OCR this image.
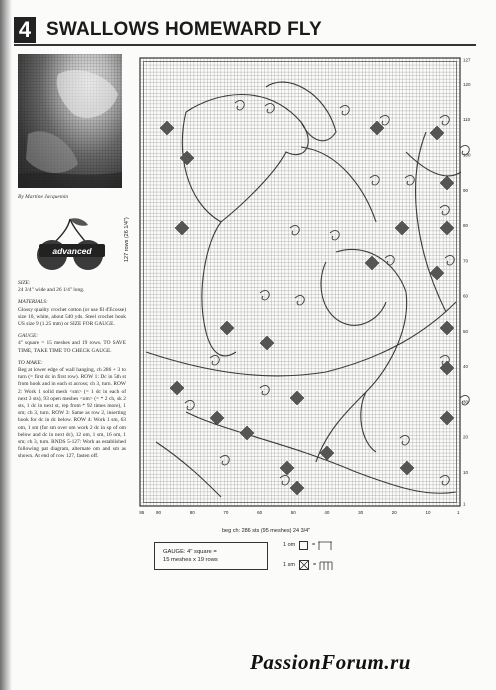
4 SWALLOWS HOMEWARD FLY
By Martine Jacquemin
advanced
SIZE:

24 3/4" wide and 26 1/4" long.

MATERIALS:

Glossy quality crochet cotton (or use fil d'Ecosse) size 10, white, about 540 yds. Steel crochet hook US size 9 (1.25 mm) or SIZE FOR GAUGE.

GAUGE:

4" square = 15 meshes and 19 rows. TO SAVE TIME, TAKE TIME TO CHECK GAUGE.

TO MAKE:

Beg at lower edge of wall hanging, ch 286 + 3 to turn (= first dc in first row). ROW 1: Dc in 5th st from hook and in each st across; ch 3, turn. ROW 2: Work 1 solid mesh <sm> (= 1 dc in each of next 3 sts), 93 open meshes <om> (= * 2 ch, sk 2 sts, 1 dc in next st, rep from * 92 times more), 1 sm; ch 3, turn. ROW 3: Same as row 2, inserting hook for dc in dc below. ROW 4: Work 1 sm, 63 om, 1 sm (for sm over om work 2 dc in sp of om below and dc in next dc), 12 om, 1 sm, 16 om, 1 sm; ch 3, turn. RNDS 5-127: Work as established following pat diagram, alternate om and sm as shown. At end of row 127, fasten off.

95	90	80	70	60	50	40	30	20	10	1
127
120
110
100
90
80
70
60
50
40
30
20
10
1
127 rows (26 1/4")
beg ch: 286 sts (95 meshes) 24 3/4"
GAUGE: 4" square =
15 meshes x 19 rows
1 om	=
1 sm	=
PassionForum.ru
